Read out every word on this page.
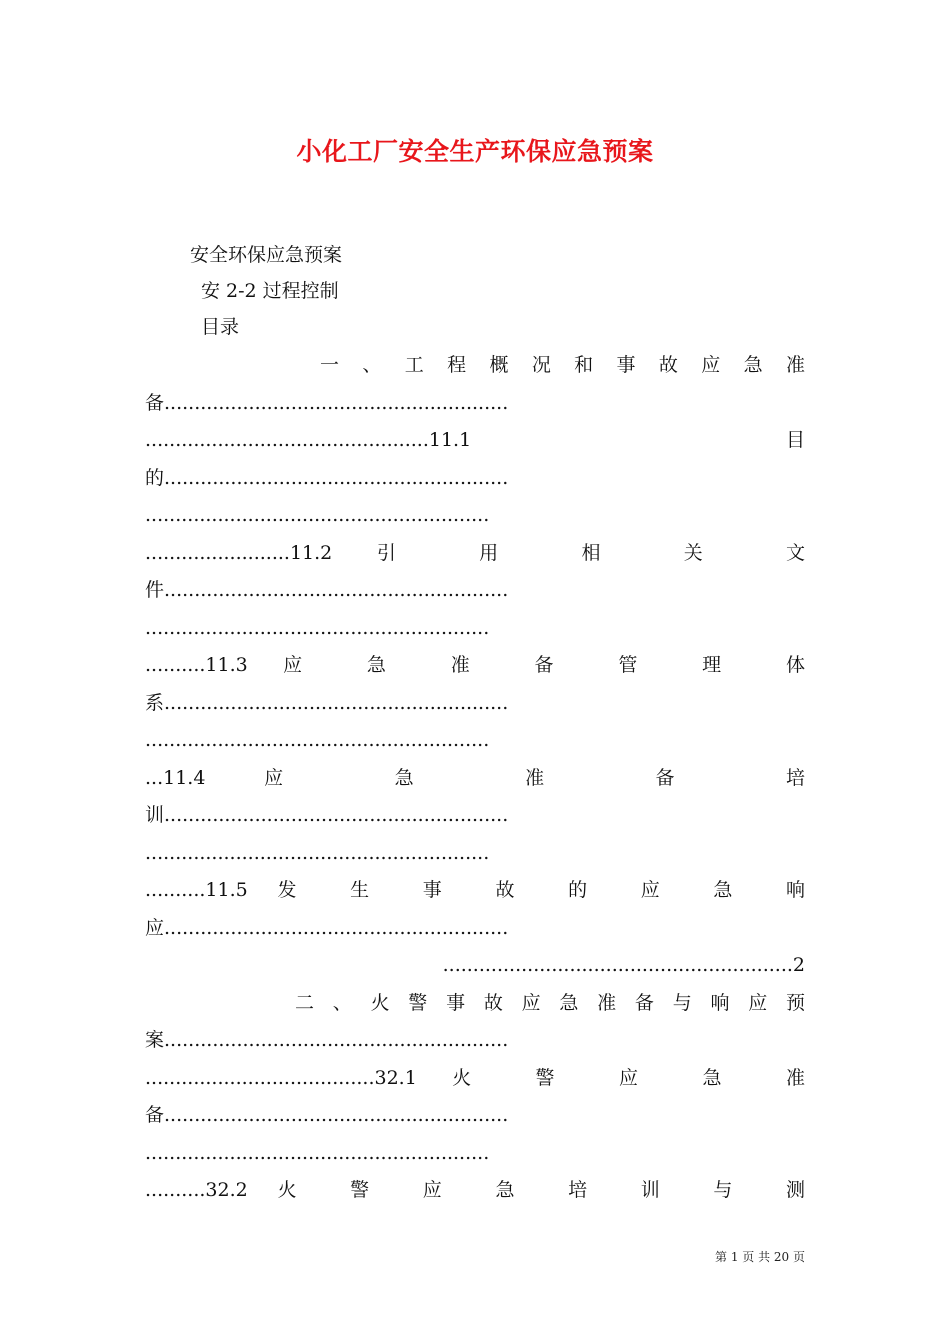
小化工厂安全生产环保应急预案
安全环保应急预案
安 2-2 过程控制
目录
一 、 工 程 概 况 和 事 故 应 急 准
备.........................................................
...............................................11.1 目
的.........................................................
.........................................................
........................11.2 引 用 相 关 文
件.........................................................
.........................................................
..........11.3 应 急 准 备 管 理 体
系.........................................................
.........................................................
...11.4 应 急 准 备 培
训.........................................................
.........................................................
..........11.5 发 生 事 故 的 应 急 响
应.........................................................
..........................................................2
二 、 火 警 事 故 应 急 准 备 与 响 应 预
案.........................................................
......................................32.1 火 警 应 急 准
备.........................................................
.........................................................
..........32.2 火 警 应 急 培 训 与 测
第 1 页 共 20 页
